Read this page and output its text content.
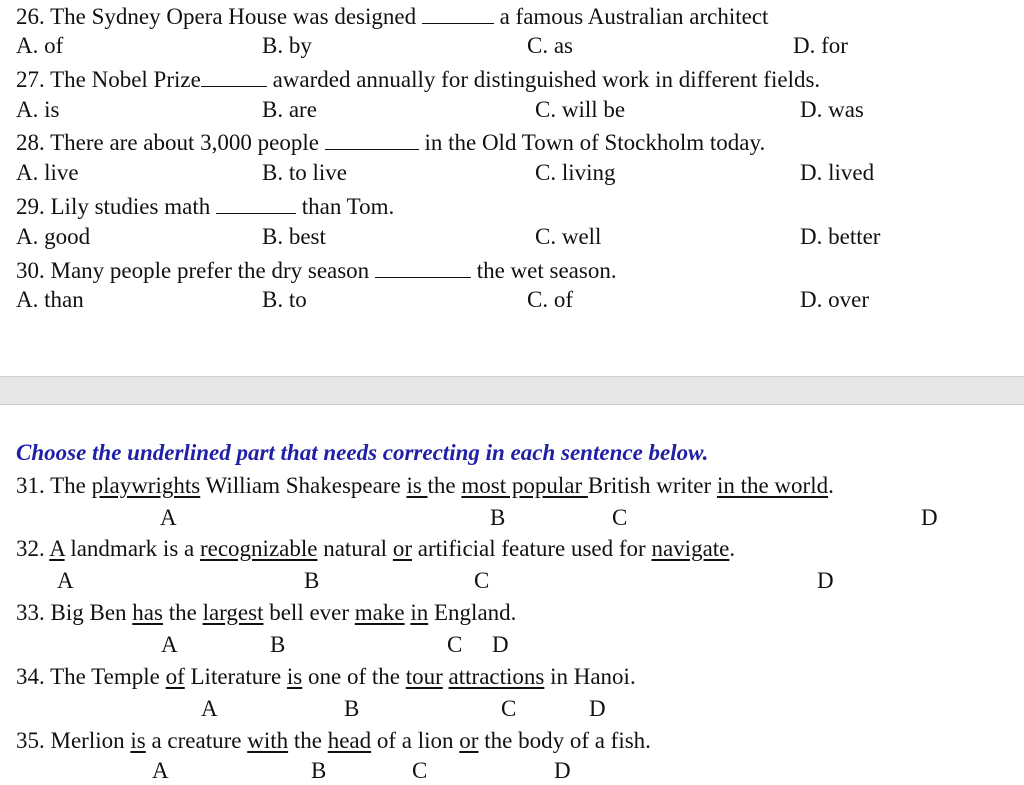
26. The Sydney Opera House was designed	a famous Australian architect
A. of	B. by	C. as	D. for
27. The Nobel Prize	awarded annually for distinguished work in different fields.
A. is	B. are	C. will be	D. was
28. There are about 3,000 people	in the Old Town of Stockholm today.
A. live	B. to live	C. living	D. lived
29. Lily studies math	than Tom.
A. good	B. best	C. well	D. better
30. Many people prefer the dry season	the wet season.
A. than	B. to	C. of	D. over
Choose the underlined part that needs correcting in each sentence below.
31. The playwrights William Shakespeare is the most popular British writer in the world.
A	B	C	D
32. A landmark is a recognizable natural or artificial feature used for navigate.
A	B	C	D
33. Big Ben has the largest bell ever make in England.
A	B	C D
34. The Temple of Literature is one of the tour attractions in Hanoi.
A	B	C	D
35. Merlion is a creature with the head of a lion or the body of a fish.
A	B	C	D
